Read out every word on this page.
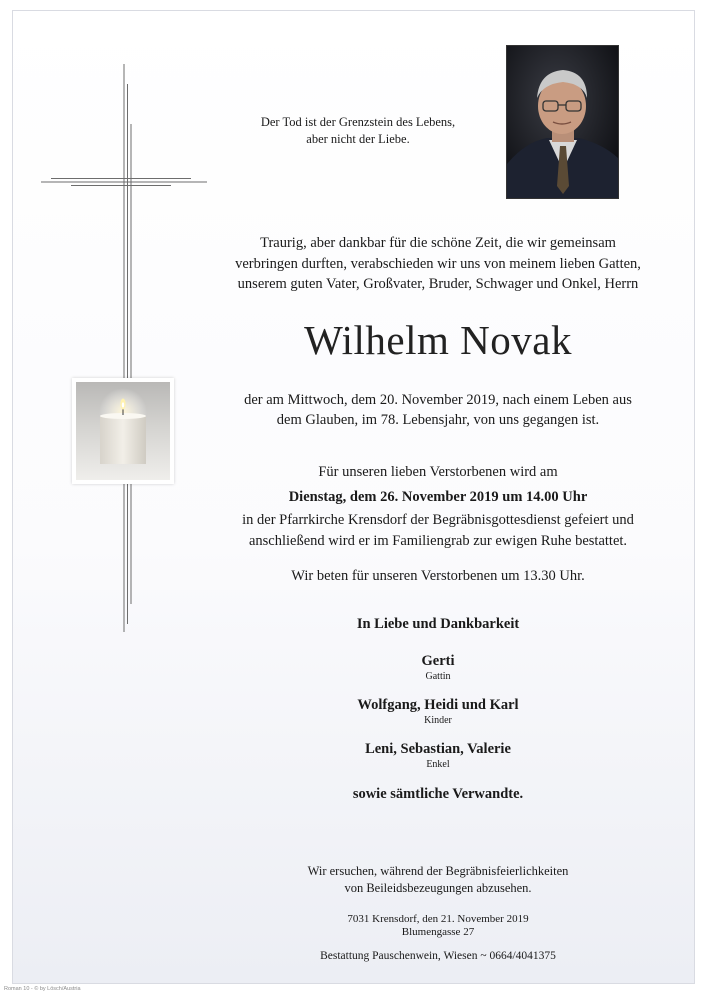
Der Tod ist der Grenzstein des Lebens,
aber nicht der Liebe.
Traurig, aber dankbar für die schöne Zeit, die wir gemeinsam
verbringen durften, verabschieden wir uns von meinem lieben Gatten,
unserem guten Vater, Großvater, Bruder, Schwager und Onkel, Herrn
Wilhelm Novak
der am Mittwoch, dem 20. November 2019, nach einem Leben aus
dem Glauben, im 78. Lebensjahr, von uns gegangen ist.
Für unseren lieben Verstorbenen wird am
Dienstag, dem 26. November 2019 um 14.00 Uhr
in der Pfarrkirche Krensdorf der Begräbnisgottesdienst gefeiert und
anschließend wird er im Familiengrab zur ewigen Ruhe bestattet.
Wir beten für unseren Verstorbenen um 13.30 Uhr.
In Liebe und Dankbarkeit
Gerti
Gattin
Wolfgang, Heidi und Karl
Kinder
Leni, Sebastian, Valerie
Enkel
sowie sämtliche Verwandte.
Wir ersuchen, während der Begräbnisfeierlichkeiten
von Beileidsbezeugungen abzusehen.
7031 Krensdorf, den 21. November 2019
Blumengasse 27
Bestattung Pauschenwein, Wiesen ~ 0664/4041375
Roman 10 - © by Lösch/Austria
